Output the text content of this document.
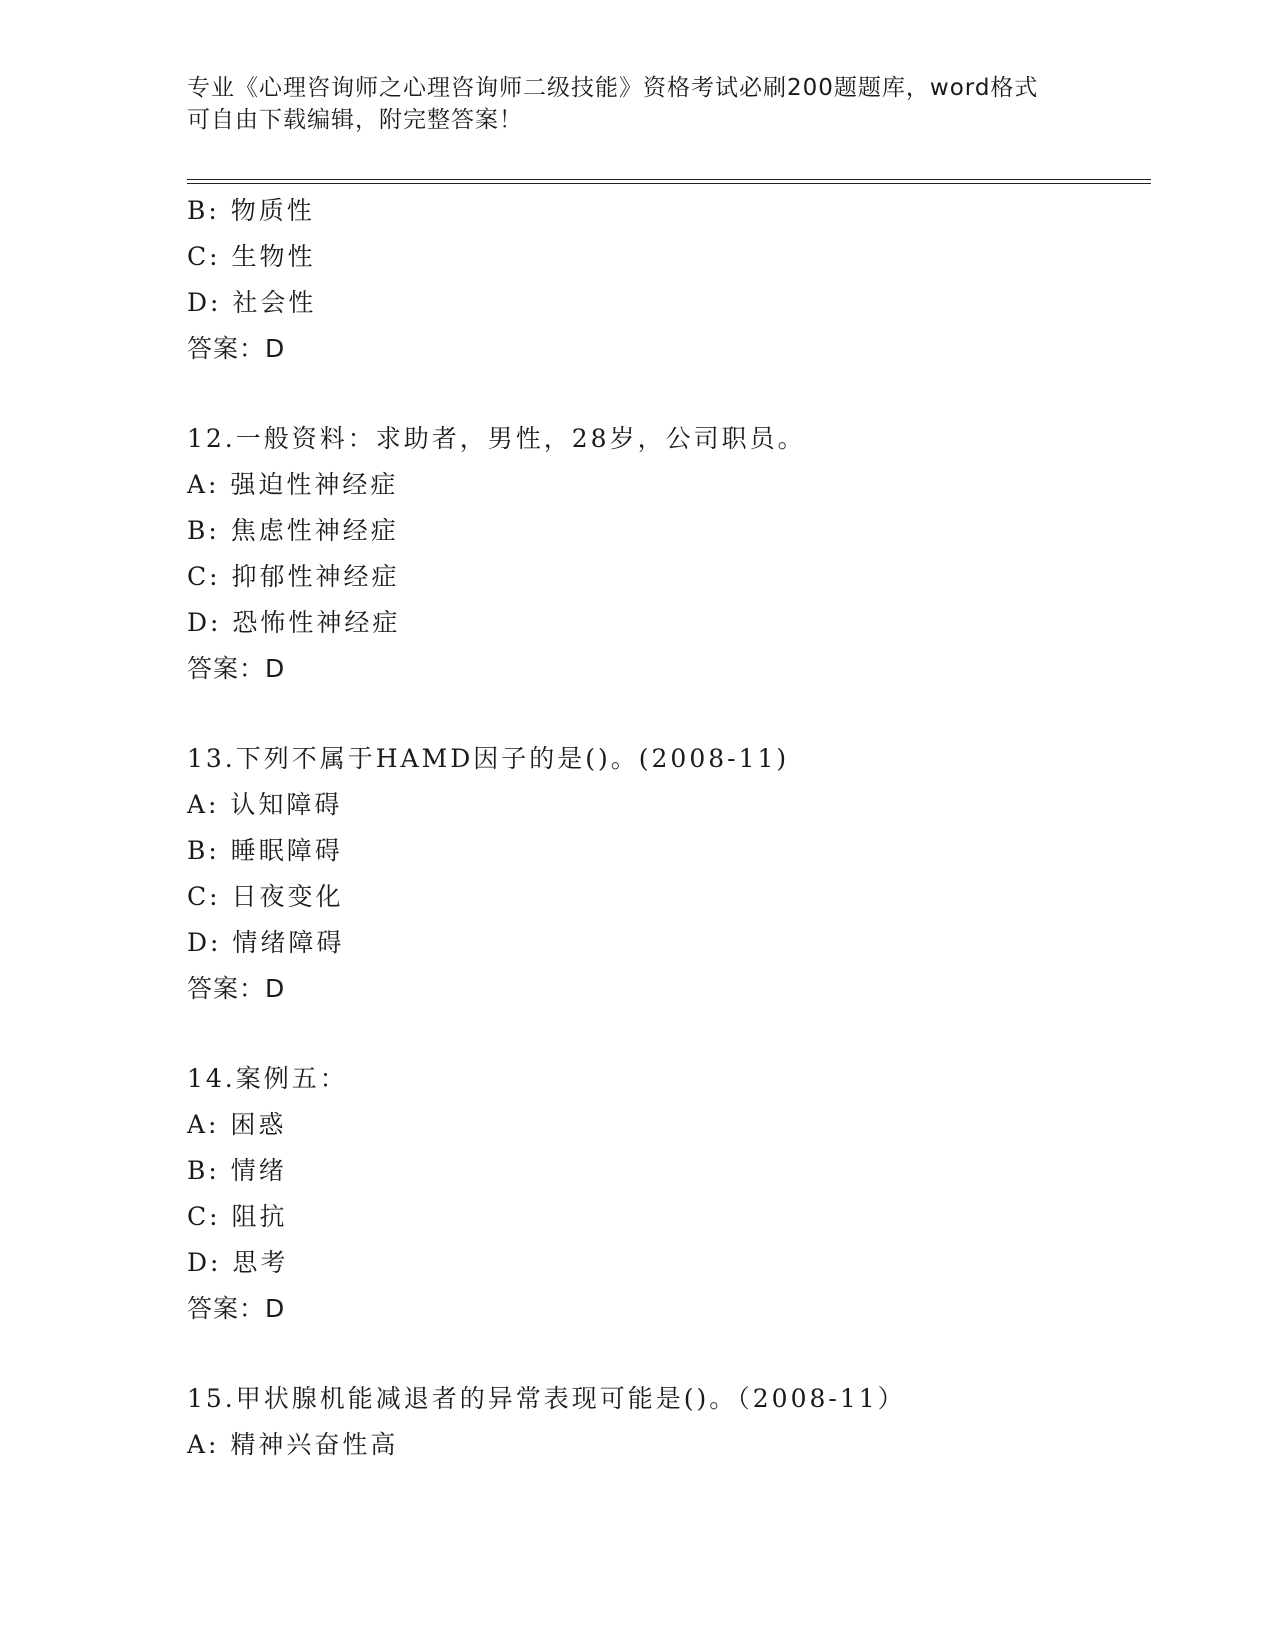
专业《心理咨询师之心理咨询师二级技能》资格考试必刷200题题库，word格式
可自由下载编辑，附完整答案！
B: 物质性
C: 生物性
D: 社会性
答案：D
12.一般资料：求助者，男性，28岁，公司职员。
A: 强迫性神经症
B: 焦虑性神经症
C: 抑郁性神经症
D: 恐怖性神经症
答案：D
13.下列不属于HAMD因子的是()。(2008-11)
A: 认知障碍
B: 睡眠障碍
C: 日夜变化
D: 情绪障碍
答案：D
14.案例五：
A: 困惑
B: 情绪
C: 阻抗
D: 思考
答案：D
15.甲状腺机能减退者的异常表现可能是()。（2008-11）
A: 精神兴奋性高
